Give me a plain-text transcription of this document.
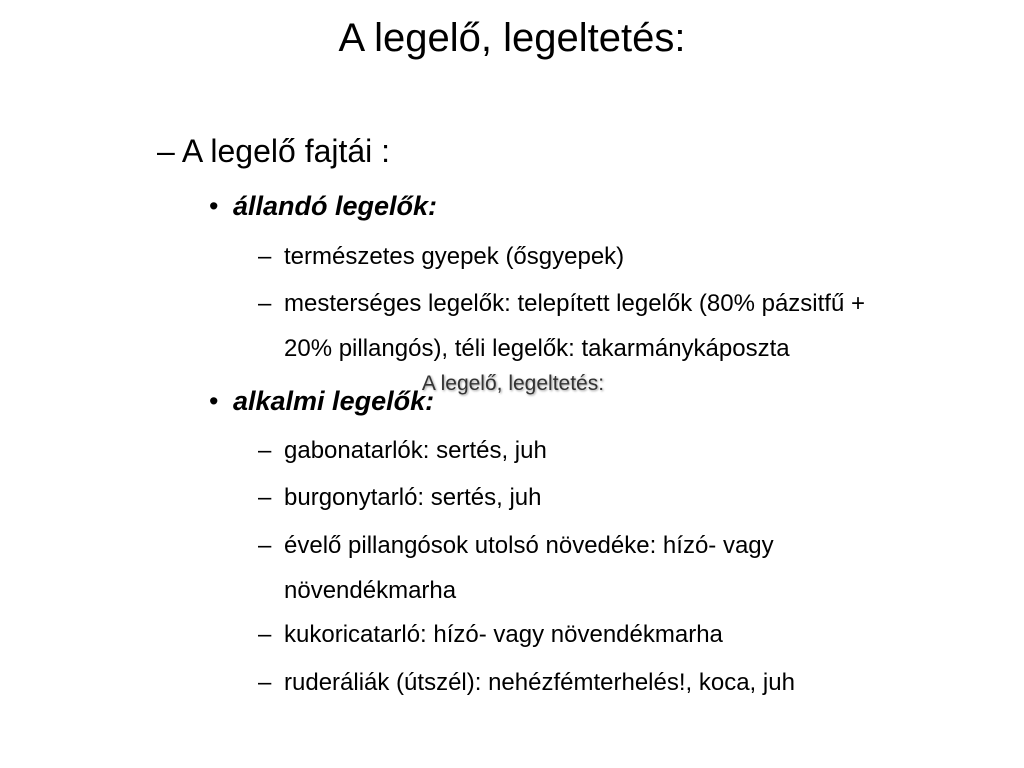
A legelő, legeltetés:
– A legelő fajtái :
• állandó legelők:
– természetes gyepek (ősgyepek)
– mesterséges legelők: telepített legelők (80% pázsitfű +
20% pillangós), téli legelők: takarmánykáposzta
• alkalmi legelők:
– gabonatarlók: sertés, juh
– burgonytarló: sertés, juh
– évelő pillangósok utolsó növedéke: hízó- vagy
növendékmarha
– kukoricatarló: hízó- vagy növendékmarha
– ruderáliák (útszél): nehézfémterhelés!, koca, juh
A legelő, legeltetés:
